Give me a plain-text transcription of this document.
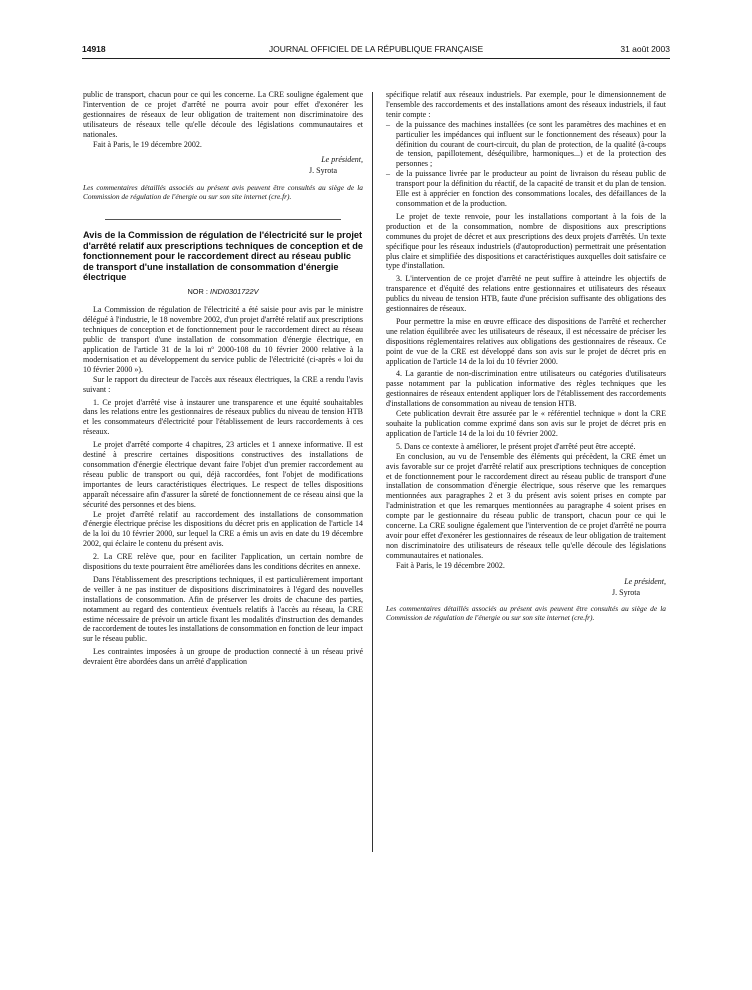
14918	JOURNAL OFFICIEL DE LA RÉPUBLIQUE FRANÇAISE	31 août 2003

public de transport, chacun pour ce qui les concerne. La CRE souligne également que l'intervention de ce projet d'arrêté ne pourra avoir pour effet d'exonérer les gestionnaires de réseaux de leur obligation de traitement non discriminatoire des utilisateurs de réseaux telle qu'elle découle des législations communautaires et nationales.

Fait à Paris, le 19 décembre 2002.

Le président,
J. Syrota
Les commentaires détaillés associés au présent avis peuvent être consultés au siège de la Commission de régulation de l'énergie ou sur son site internet (cre.fr).
Avis de la Commission de régulation de l'électricité sur le projet d'arrêté relatif aux prescriptions techniques de conception et de fonctionnement pour le raccordement direct au réseau public de transport d'une installation de consommation d'énergie électrique
NOR : INDI0301722V

La Commission de régulation de l'électricité a été saisie pour avis par le ministre délégué à l'industrie, le 18 novembre 2002, d'un projet d'arrêté relatif aux prescriptions techniques de conception et de fonctionnement pour le raccordement direct au réseau public de transport d'une installation de consommation d'énergie électrique, en application de l'article 31 de la loi nº 2000-108 du 10 février 2000 relative à la modernisation et au développement du service public de l'électricité (ci-après « loi du 10 février 2000 »).

Sur le rapport du directeur de l'accès aux réseaux électriques, la CRE a rendu l'avis suivant :

1. Ce projet d'arrêté vise à instaurer une transparence et une équité souhaitables dans les relations entre les gestionnaires de réseaux publics du niveau de tension HTB et les consommateurs d'électricité pour l'établissement de leurs raccordements à ces réseaux.

Le projet d'arrêté comporte 4 chapitres, 23 articles et 1 annexe informative. Il est destiné à prescrire certaines dispositions constructives des installations de consommation d'énergie électrique devant faire l'objet d'un premier raccordement au réseau public de transport ou qui, déjà raccordées, font l'objet de modifications importantes de leurs caractéristiques électriques. Le respect de telles dispositions apparaît nécessaire afin d'assurer la sûreté de fonctionnement de ce réseau ainsi que la sécurité des personnes et des biens.

Le projet d'arrêté relatif au raccordement des installations de consommation d'énergie électrique précise les dispositions du décret pris en application de l'article 14 de la loi du 10 février 2000, sur lequel la CRE a émis un avis en date du 19 décembre 2002, qui éclaire le contenu du présent avis.

2. La CRE relève que, pour en faciliter l'application, un certain nombre de dispositions du texte pourraient être améliorées dans les conditions décrites en annexe.

Dans l'établissement des prescriptions techniques, il est particulièrement important de veiller à ne pas instituer de dispositions discriminatoires à l'égard des nouvelles installations de consommation. Afin de préserver les droits de chacune des parties, notamment au regard des contentieux éventuels relatifs à l'accès au réseau, la CRE estime nécessaire de prévoir un article fixant les modalités d'instruction des demandes de raccordement de toutes les installations de consommation en fonction de leur impact sur le réseau public.

Les contraintes imposées à un groupe de production connecté à un réseau privé devraient être abordées dans un arrêté d'application

spécifique relatif aux réseaux industriels. Par exemple, pour le dimensionnement de l'ensemble des raccordements et des installations amont des réseaux industriels, il faut tenir compte :

– de la puissance des machines installées (ce sont les paramètres des machines et en particulier les impédances qui influent sur le fonctionnement des réseaux) pour la définition du courant de court-circuit, du plan de protection, de la qualité (à-coups de tension, papillotement, déséquilibre, harmoniques...) et de la protection des personnes ;
– de la puissance livrée par le producteur au point de livraison du réseau public de transport pour la définition du réactif, de la capacité de transit et du plan de tension. Elle est à apprécier en fonction des consommations locales, des défaillances de la consommation et de la production.

Le projet de texte renvoie, pour les installations comportant à la fois de la production et de la consommation, nombre de dispositions aux prescriptions communes du projet de décret et aux prescriptions des deux projets d'arrêtés. Un texte spécifique pour les réseaux industriels (d'autoproduction) permettrait une présentation plus claire et simplifiée des dispositions et caractéristiques auxquelles doit satisfaire ce type d'installation.

3. L'intervention de ce projet d'arrêté ne peut suffire à atteindre les objectifs de transparence et d'équité des relations entre gestionnaires et utilisateurs des réseaux publics du niveau de tension HTB, faute d'une précision suffisante des obligations des gestionnaires de réseaux.

Pour permettre la mise en œuvre efficace des dispositions de l'arrêté et rechercher une relation équilibrée avec les utilisateurs de réseaux, il est nécessaire de préciser les dispositions réglementaires relatives aux obligations des gestionnaires de réseaux. Ce point de vue de la CRE est développé dans son avis sur le projet de décret pris en application de l'article 14 de la loi du 10 février 2000.

4. La garantie de non-discrimination entre utilisateurs ou catégories d'utilisateurs passe notamment par la publication informative des règles techniques que les gestionnaires de réseaux entendent appliquer lors de l'établissement des raccordements d'installations de consommation au niveau de tension HTB.

Cete publication devrait être assurée par le « référentiel technique » dont la CRE souhaite la publication comme exprimé dans son avis sur le projet de décret pris en application de l'article 14 de la loi du 10 février 2002.

5. Dans ce contexte à améliorer, le présent projet d'arrêté peut être accepté.

En conclusion, au vu de l'ensemble des éléments qui précèdent, la CRE émet un avis favorable sur ce projet d'arrêté relatif aux prescriptions techniques de conception et de fonctionnement pour le raccordement direct au réseau public de transport d'une installation de consommation d'énergie électrique, sous réserve que les remarques mentionnées aux paragraphes 2 et 3 du présent avis soient prises en compte par l'administration et que les remarques mentionnées au paragraphe 4 soient prises en compte par le gestionnaire du réseau public de transport, chacun pour ce qui le concerne. La CRE souligne également que l'intervention de ce projet d'arrêté ne pourra avoir pour effet d'exonérer les gestionnaires de réseaux de leur obligation de traitement non discriminatoire des utilisateurs de réseaux telle qu'elle découle des législations communautaires et nationales.

Fait à Paris, le 19 décembre 2002.

Le président,
J. Syrota
Les commentaires détaillés associés au présent avis peuvent être consultés au siège de la Commission de régulation de l'énergie ou sur son site internet (cre.fr).
